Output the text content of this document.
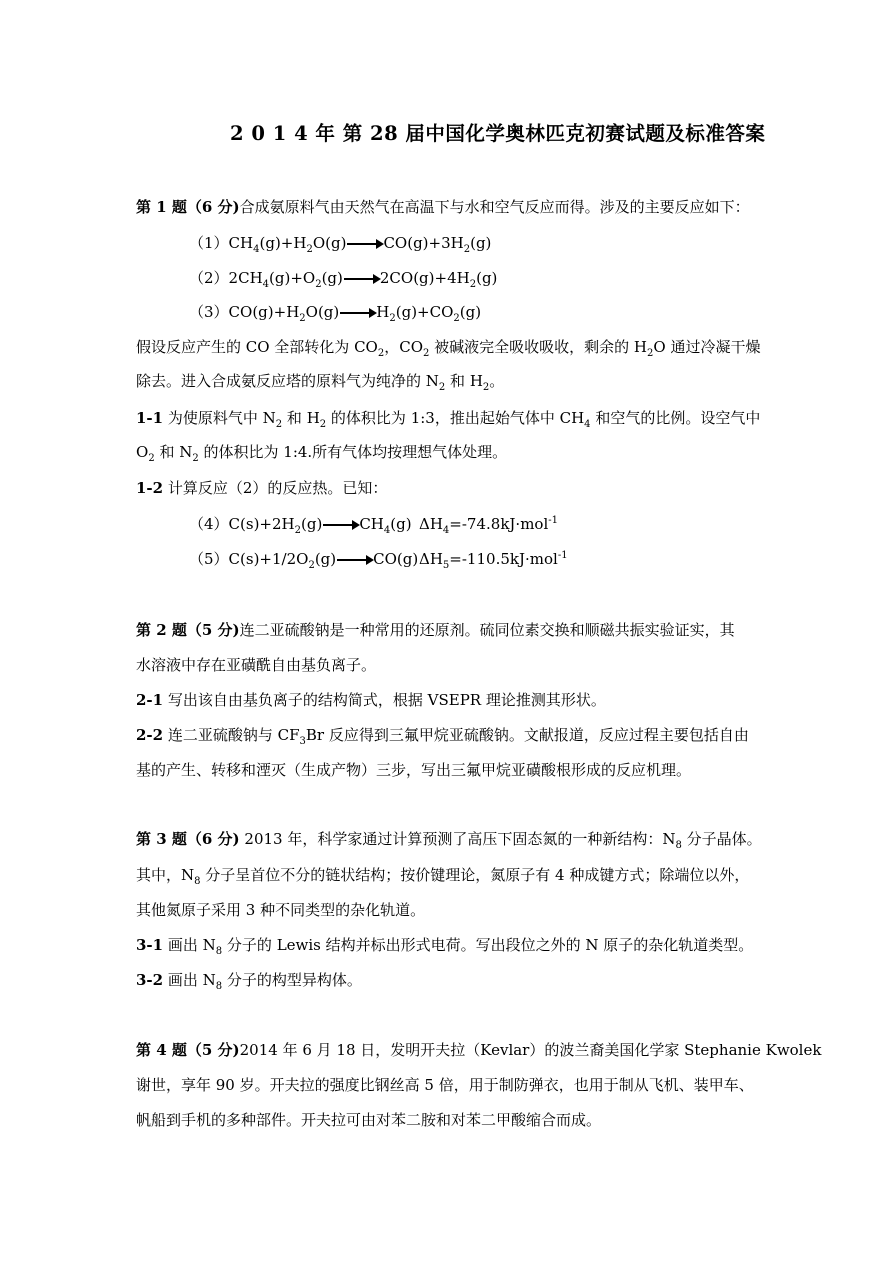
2 0 1 4 年 第 28 届中国化学奥林匹克初赛试题及标准答案
第 1 题（6 分)合成氨原料气由天然气在高温下与水和空气反应而得。涉及的主要反应如下：
$(1)CH_4(g)+H_2O(g)\to CO(g)+3H_2(g)$
$(2)2CH_4(g)+O_2(g)\to 2CO(g)+4H_2(g)$
$(3)CO(g)+H_2O(g)\to H_2(g)+CO_2(g)$
假设反应产生的 CO 全部转化为 $CO_2$，$CO_2$ 被碱液完全吸收吸收，剩余的 $H_2O$ 通过冷凝干燥
除去。进入合成氨反应塔的原料气为纯净的 $N_2$ 和 $H_2$。
1-1 为使原料气中 $N_2$ 和 $H_2$ 的体积比为 1:3，推出起始气体中 $CH_4$ 和空气的比例。设空气中
$O_2$ 和 $N_2$ 的体积比为 1:4.所有气体均按理想气体处理。
1-2 计算反应（2）的反应热。已知：
$(4)C(s)+2H_2(g)\to CH_4(g)$ $\Delta H_4=-74.8kJ\cdot mol^{-1}$
$(5)C(s)+1/2O_2(g)\to CO(g)$ $\Delta H_5=-110.5kJ\cdot mol^{-1}$
第 2 题（5 分)连二亚硫酸钠是一种常用的还原剂。硫同位素交换和顺磁共振实验证实，其
水溶液中存在亚磺酰自由基负离子。
2-1 写出该自由基负离子的结构简式，根据 VSEPR 理论推测其形状。
2-2 连二亚硫酸钠与 $CF_3Br$ 反应得到三氟甲烷亚硫酸钠。文献报道，反应过程主要包括自由
基的产生、转移和湮灭（生成产物）三步，写出三氟甲烷亚磺酸根形成的反应机理。
第 3 题（6 分) 2013 年，科学家通过计算预测了高压下固态氮的一种新结构：$N_8$ 分子晶体。
其中，$N_8$ 分子呈首位不分的链状结构；按价键理论，氮原子有 4 种成键方式；除端位以外，
其他氮原子采用 3 种不同类型的杂化轨道。
3-1 画出 $N_8$ 分子的 Lewis 结构并标出形式电荷。写出段位之外的 N 原子的杂化轨道类型。
3-2 画出 $N_8$ 分子的构型异构体。
第 4 题（5 分)2014 年 6 月 18 日，发明开夫拉（Kevlar）的波兰裔美国化学家 Stephanie Kwolek
谢世，享年 90 岁。开夫拉的强度比钢丝高 5 倍，用于制防弹衣，也用于制从飞机、装甲车、
帆船到手机的多种部件。开夫拉可由对苯二胺和对苯二甲酸缩合而成。
